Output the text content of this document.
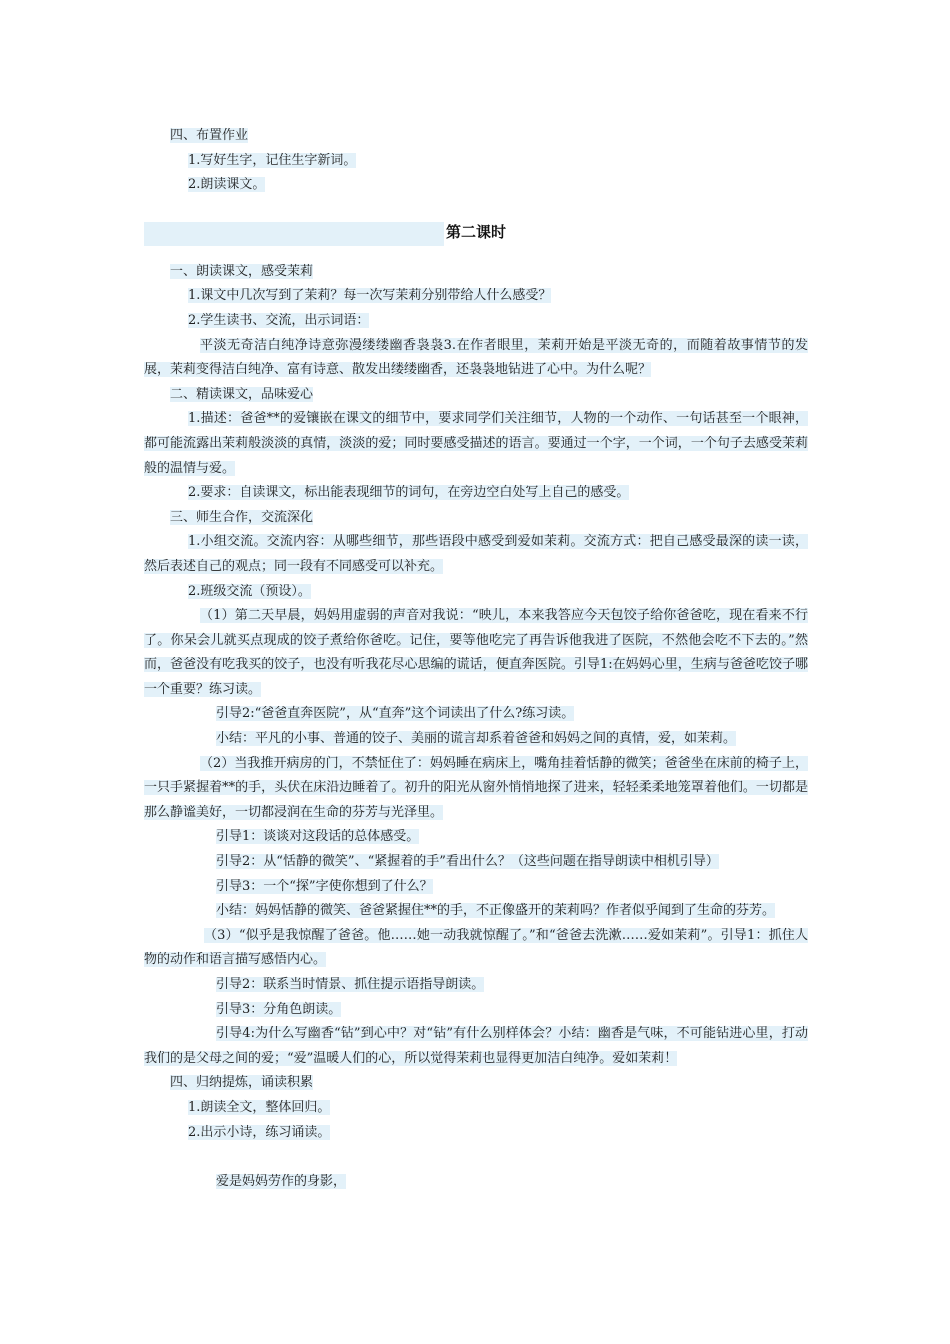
四、布置作业
1.写好生字，记住生字新词。
2.朗读课文。
第二课时
一、朗读课文，感受茉莉
1.课文中几次写到了茉莉？每一次写茉莉分别带给人什么感受？
2.学生读书、交流，出示词语：
平淡无奇洁白纯净诗意弥漫缕缕幽香袅袅3.在作者眼里，茉莉开始是平淡无奇的，而随着故事情节的发展，茉莉变得洁白纯净、富有诗意、散发出缕缕幽香，还袅袅地钻进了心中。为什么呢？
二、精读课文，品味爱心
1.描述：爸爸**的爱镶嵌在课文的细节中，要求同学们关注细节，人物的一个动作、一句话甚至一个眼神，都可能流露出茉莉般淡淡的真情，淡淡的爱；同时要感受描述的语言。要通过一个字，一个词，一个句子去感受茉莉般的温情与爱。
2.要求：自读课文，标出能表现细节的词句，在旁边空白处写上自己的感受。
三、师生合作，交流深化
1.小组交流。交流内容：从哪些细节，那些语段中感受到爱如茉莉。交流方式：把自己感受最深的读一读，然后表述自己的观点；同一段有不同感受可以补充。
2.班级交流（预设）。
（1）第二天早晨，妈妈用虚弱的声音对我说：“映儿，本来我答应今天包饺子给你爸爸吃，现在看来不行了。你呆会儿就买点现成的饺子煮给你爸吃。记住，要等他吃完了再告诉他我进了医院，不然他会吃不下去的。”然而，爸爸没有吃我买的饺子，也没有听我花尽心思编的谎话，便直奔医院。引导1:在妈妈心里，生病与爸爸吃饺子哪一个重要？练习读。
引导2:“爸爸直奔医院”，从“直奔”这个词读出了什么?练习读。
小结：平凡的小事、普通的饺子、美丽的谎言却系着爸爸和妈妈之间的真情，爱，如茉莉。
（2）当我推开病房的门，不禁怔住了：妈妈睡在病床上，嘴角挂着恬静的微笑；爸爸坐在床前的椅子上，一只手紧握着**的手，头伏在床沿边睡着了。初升的阳光从窗外悄悄地探了进来，轻轻柔柔地笼罩着他们。一切都是那么静谧美好，一切都浸润在生命的芬芳与光泽里。
引导1：谈谈对这段话的总体感受。
引导2：从“恬静的微笑”、“紧握着的手”看出什么？（这些问题在指导朗读中相机引导）
引导3：一个“探”字使你想到了什么？
小结：妈妈恬静的微笑、爸爸紧握住**的手，不正像盛开的茉莉吗？作者似乎闻到了生命的芬芳。
（3）“似乎是我惊醒了爸爸。他……她一动我就惊醒了。”和“爸爸去洗漱……爱如茉莉”。引导1：抓住人物的动作和语言描写感悟内心。
引导2：联系当时情景、抓住提示语指导朗读。
引导3：分角色朗读。
引导4:为什么写幽香“钻”到心中？对“钻”有什么别样体会？小结：幽香是气味，不可能钻进心里，打动我们的是父母之间的爱；“爱”温暖人们的心，所以觉得茉莉也显得更加洁白纯净。爱如茉莉！
四、归纳提炼，诵读积累
1.朗读全文，整体回归。
2.出示小诗，练习诵读。
爱是妈妈劳作的身影，
